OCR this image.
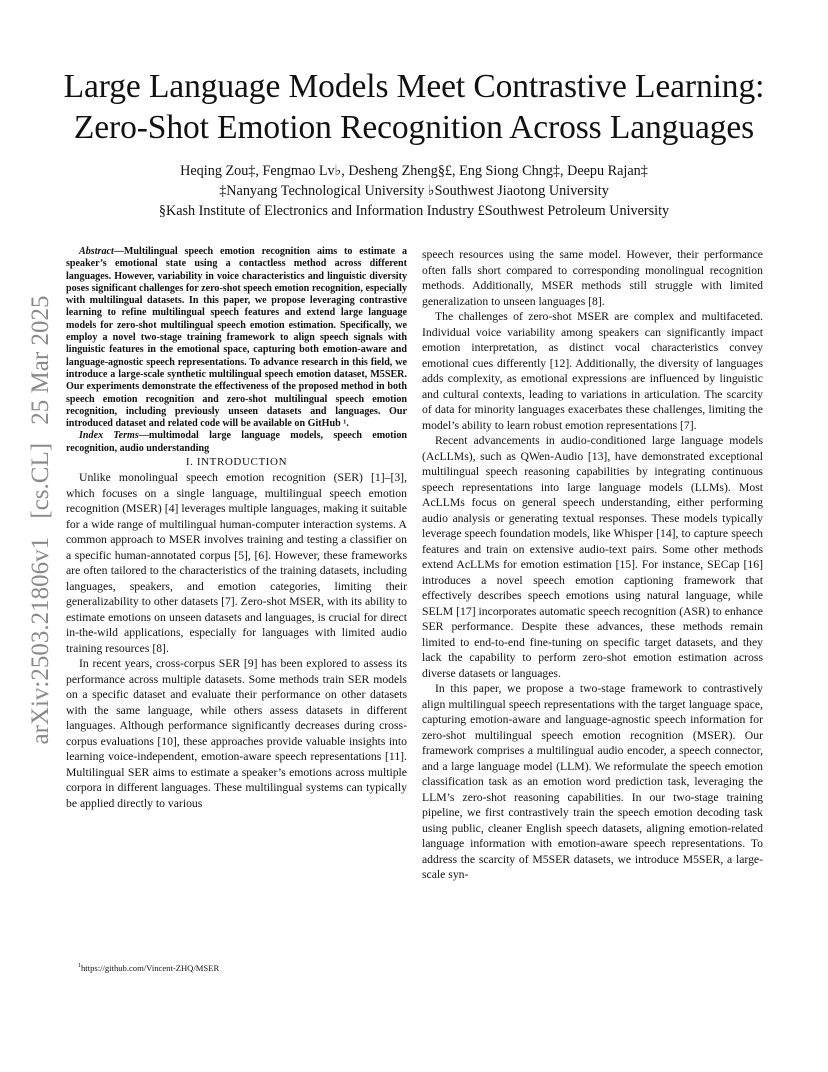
Large Language Models Meet Contrastive Learning:
Zero-Shot Emotion Recognition Across Languages
Heqing Zou‡, Fengmao Lv♭, Desheng Zheng§£, Eng Siong Chng‡, Deepu Rajan‡
‡Nanyang Technological University ♭Southwest Jiaotong University
§Kash Institute of Electronics and Information Industry £Southwest Petroleum University
arXiv:2503.21806v1 [cs.CL] 25 Mar 2025

Abstract—Multilingual speech emotion recognition aims to estimate a speaker’s emotional state using a contactless method across different languages. However, variability in voice characteristics and linguistic diversity poses significant challenges for zero-shot speech emotion recognition, especially with multilingual datasets. In this paper, we propose leveraging contrastive learning to refine multilingual speech features and extend large language models for zero-shot multilingual speech emotion estimation. Specifically, we employ a novel two-stage training framework to align speech signals with linguistic features in the emotional space, capturing both emotion-aware and language-agnostic speech representations. To advance research in this field, we introduce a large-scale synthetic multilingual speech emotion dataset, M5SER. Our experiments demonstrate the effectiveness of the proposed method in both speech emotion recognition and zero-shot multilingual speech emotion recognition, including previously unseen datasets and languages. Our introduced dataset and related code will be available on GitHub ¹.

Index Terms—multimodal large language models, speech emotion recognition, audio understanding

I. INTRODUCTION

Unlike monolingual speech emotion recognition (SER) [1]–[3], which focuses on a single language, multilingual speech emotion recognition (MSER) [4] leverages multiple languages, making it suitable for a wide range of multilingual human-computer interaction systems. A common approach to MSER involves training and testing a classifier on a specific human-annotated corpus [5], [6]. However, these frameworks are often tailored to the characteristics of the training datasets, including languages, speakers, and emotion categories, limiting their generalizability to other datasets [7]. Zero-shot MSER, with its ability to estimate emotions on unseen datasets and languages, is crucial for direct in-the-wild applications, especially for languages with limited audio training resources [8].

In recent years, cross-corpus SER [9] has been explored to assess its performance across multiple datasets. Some methods train SER models on a specific dataset and evaluate their performance on other datasets with the same language, while others assess datasets in different languages. Although performance significantly decreases during cross-corpus evaluations [10], these approaches provide valuable insights into learning voice-independent, emotion-aware speech representations [11]. Multilingual SER aims to estimate a speaker’s emotions across multiple corpora in different languages. These multilingual systems can typically be applied directly to various

speech resources using the same model. However, their performance often falls short compared to corresponding monolingual recognition methods. Additionally, MSER methods still struggle with limited generalization to unseen languages [8].

The challenges of zero-shot MSER are complex and multifaceted. Individual voice variability among speakers can significantly impact emotion interpretation, as distinct vocal characteristics convey emotional cues differently [12]. Additionally, the diversity of languages adds complexity, as emotional expressions are influenced by linguistic and cultural contexts, leading to variations in articulation. The scarcity of data for minority languages exacerbates these challenges, limiting the model’s ability to learn robust emotion representations [7].

Recent advancements in audio-conditioned large language models (AcLLMs), such as QWen-Audio [13], have demonstrated exceptional multilingual speech reasoning capabilities by integrating continuous speech representations into large language models (LLMs). Most AcLLMs focus on general speech understanding, either performing audio analysis or generating textual responses. These models typically leverage speech foundation models, like Whisper [14], to capture speech features and train on extensive audio-text pairs. Some other methods extend AcLLMs for emotion estimation [15]. For instance, SECap [16] introduces a novel speech emotion captioning framework that effectively describes speech emotions using natural language, while SELM [17] incorporates automatic speech recognition (ASR) to enhance SER performance. Despite these advances, these methods remain limited to end-to-end fine-tuning on specific target datasets, and they lack the capability to perform zero-shot emotion estimation across diverse datasets or languages.

In this paper, we propose a two-stage framework to contrastively align multilingual speech representations with the target language space, capturing emotion-aware and language-agnostic speech information for zero-shot multilingual speech emotion recognition (MSER). Our framework comprises a multilingual audio encoder, a speech connector, and a large language model (LLM). We reformulate the speech emotion classification task as an emotion word prediction task, leveraging the LLM’s zero-shot reasoning capabilities. In our two-stage training pipeline, we first contrastively train the speech emotion decoding task using public, cleaner English speech datasets, aligning emotion-related language information with emotion-aware speech representations. To address the scarcity of M5SER datasets, we introduce M5SER, a large-scale syn-

$^1$https://github.com/Vincent-ZHQ/MSER
